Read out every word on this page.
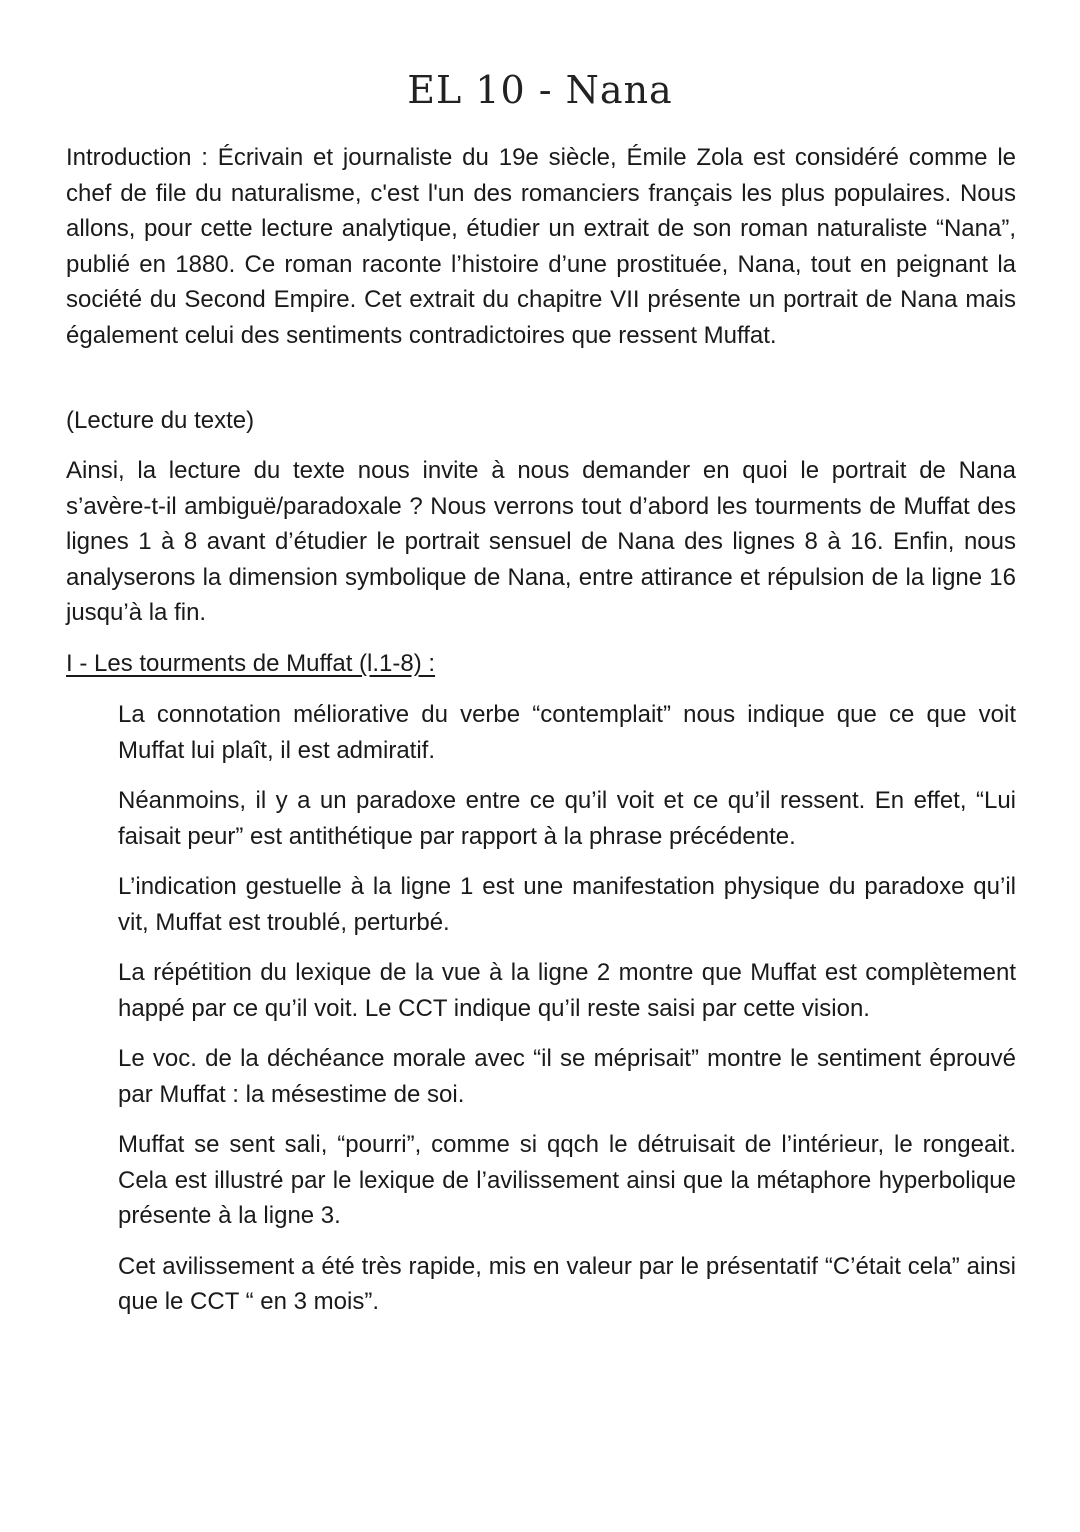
EL 10 - Nana

Introduction : Écrivain et journaliste du 19e siècle, Émile Zola est considéré comme le chef de file du naturalisme, c'est l'un des romanciers français les plus populaires. Nous allons, pour cette lecture analytique, étudier un extrait de son roman naturaliste “Nana”, publié en 1880. Ce roman raconte l’histoire d’une prostituée, Nana, tout en peignant la société du Second Empire. Cet extrait du chapitre VII présente un portrait de Nana mais également celui des sentiments contradictoires que ressent Muffat.

(Lecture du texte)

Ainsi, la lecture du texte nous invite à nous demander en quoi le portrait de Nana s’avère-t-il ambiguë/paradoxale ? Nous verrons tout d’abord les tourments de Muffat des lignes 1 à 8 avant d’étudier le portrait sensuel de Nana des lignes 8 à 16. Enfin, nous analyserons la dimension symbolique de Nana, entre attirance et répulsion de la ligne 16 jusqu’à la fin.

I - Les tourments de Muffat (l.1-8) :

La connotation méliorative du verbe “contemplait” nous indique que ce que voit Muffat lui plaît, il est admiratif.

Néanmoins, il y a un paradoxe entre ce qu’il voit et ce qu’il ressent. En effet, “Lui faisait peur” est antithétique par rapport à la phrase précédente.

L’indication gestuelle à la ligne 1 est une manifestation physique du paradoxe qu’il vit, Muffat est troublé, perturbé.

La répétition du lexique de la vue à la ligne 2 montre que Muffat est complètement happé par ce qu’il voit. Le CCT indique qu’il reste saisi par cette vision.

Le voc. de la déchéance morale avec “il se méprisait” montre le sentiment éprouvé par Muffat : la mésestime de soi.

Muffat se sent sali, “pourri”, comme si qqch le détruisait de l’intérieur, le rongeait. Cela est illustré par le lexique de l’avilissement ainsi que la métaphore hyperbolique présente à la ligne 3.

Cet avilissement a été très rapide, mis en valeur par le présentatif “C’était cela” ainsi que le CCT “ en 3 mois”.
